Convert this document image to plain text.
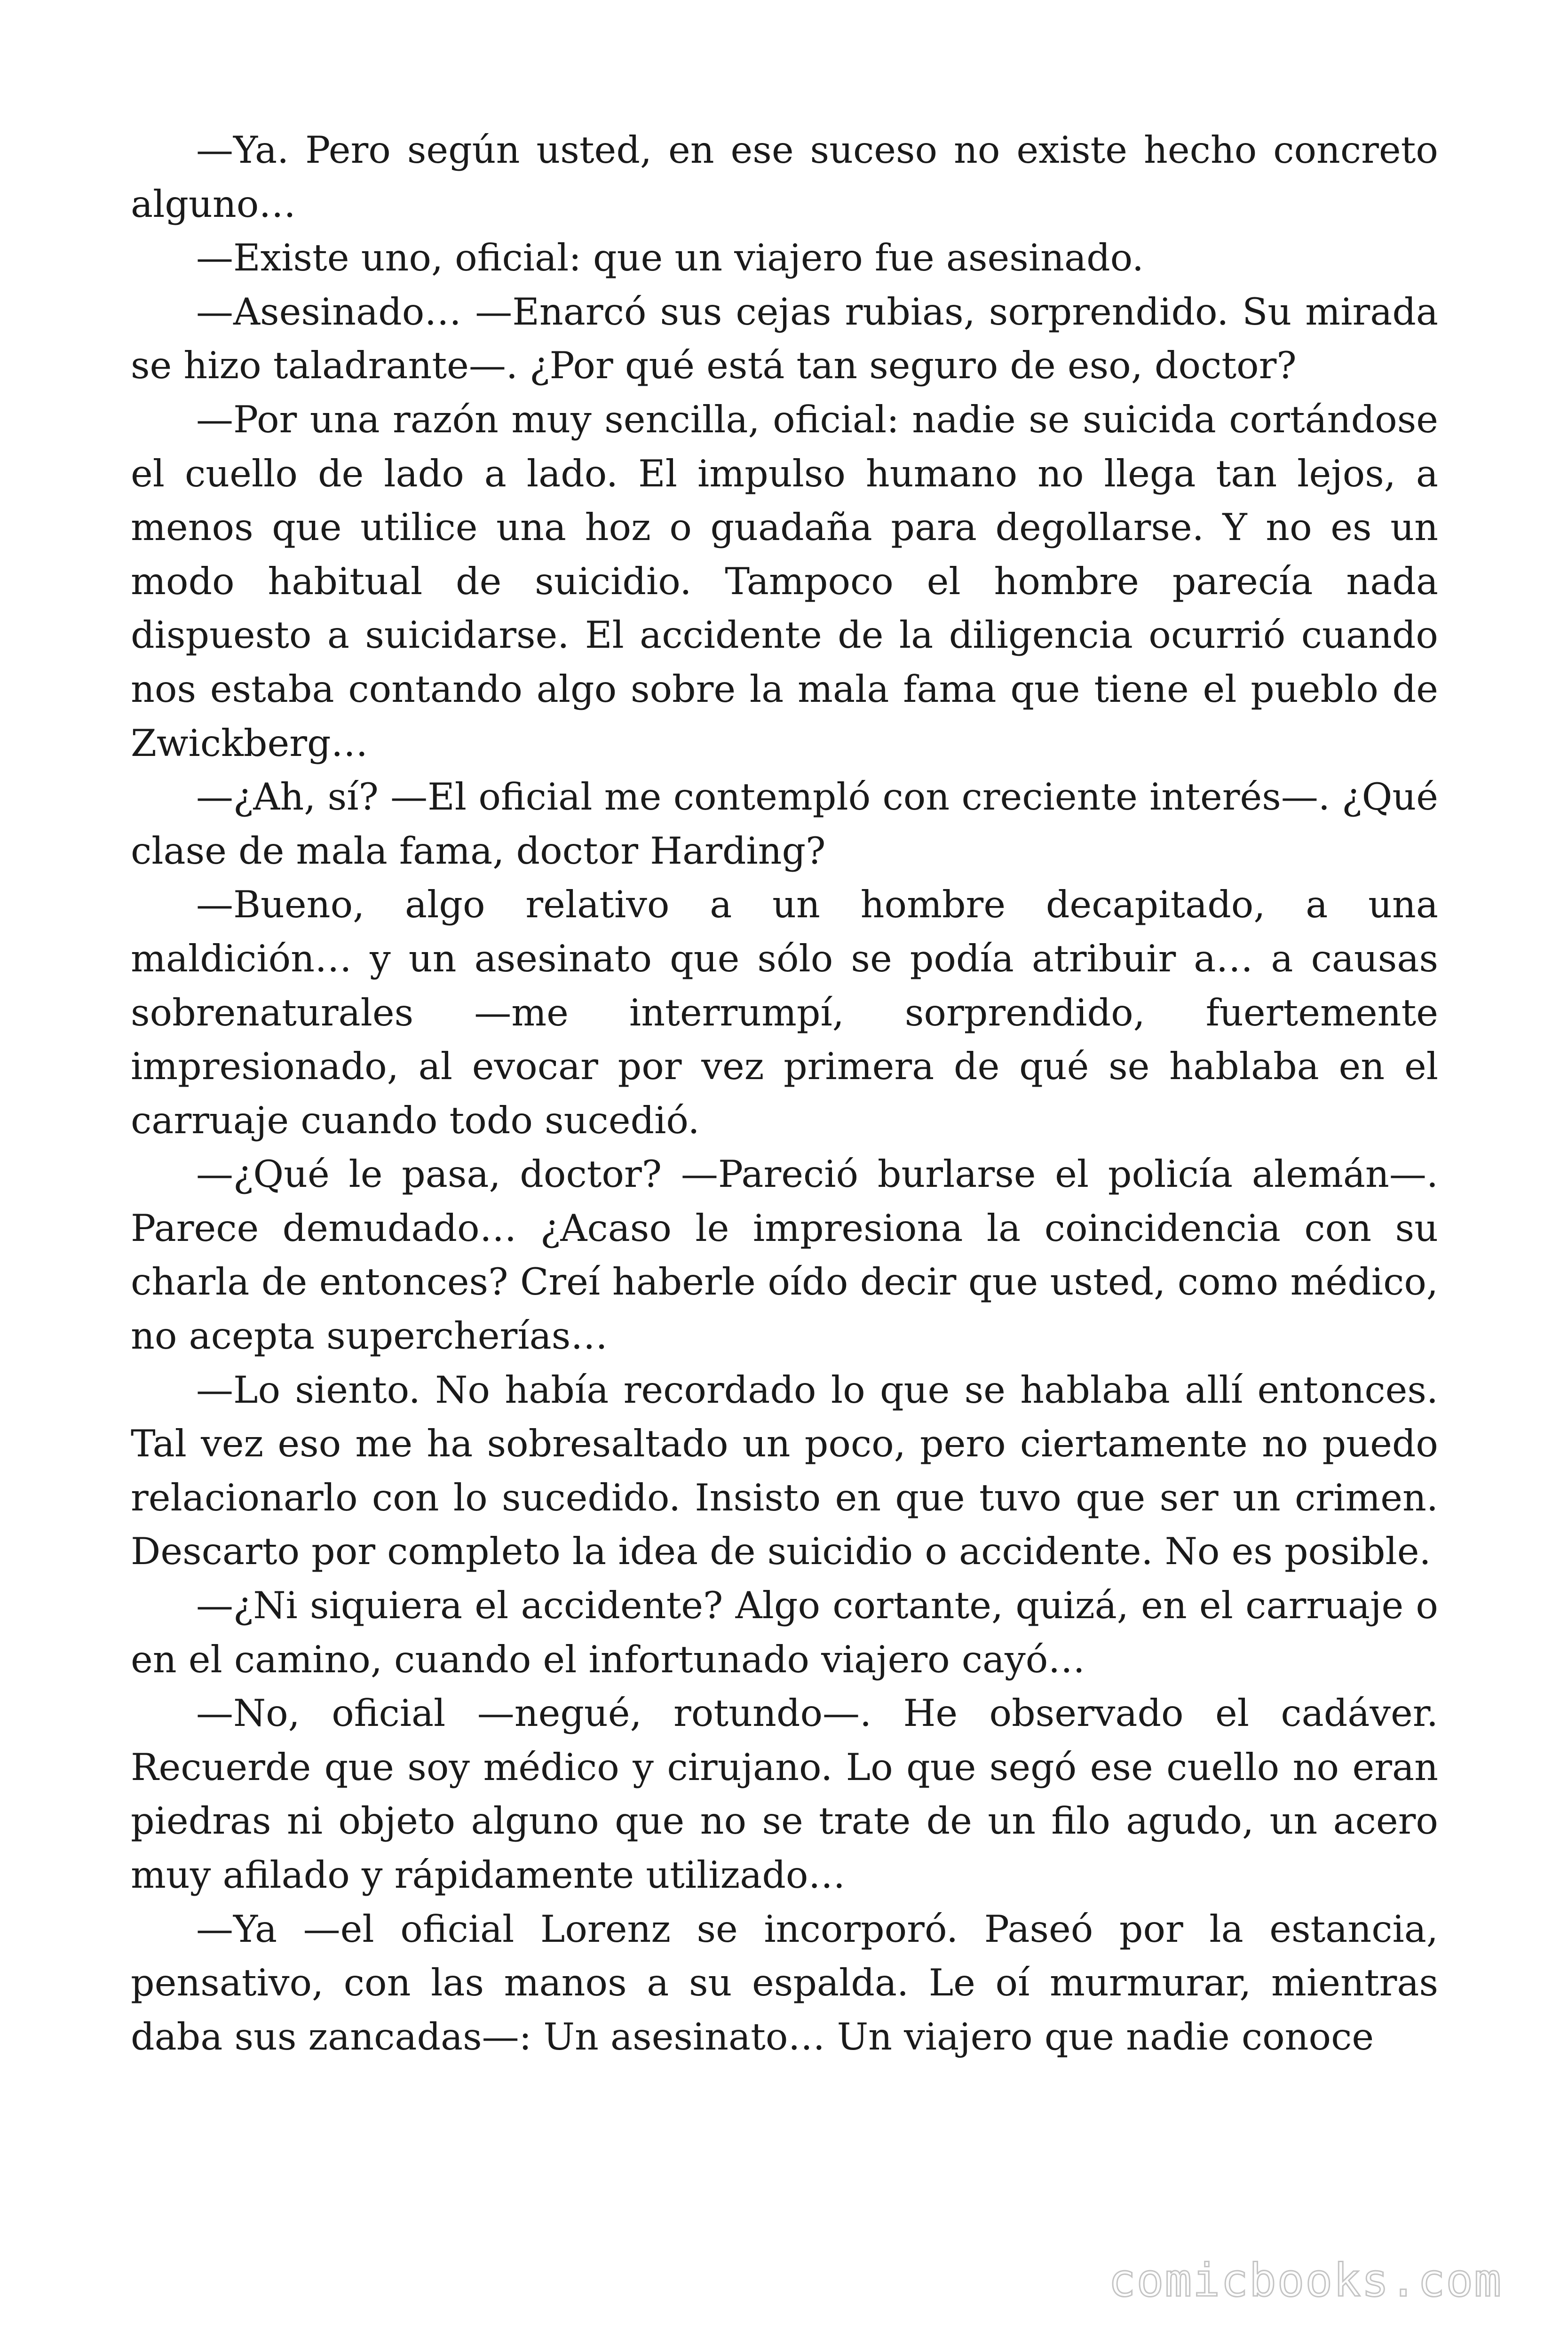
—Ya. Pero según usted, en ese suceso no existe hecho concreto alguno…

—Existe uno, oficial: que un viajero fue asesinado.

—Asesinado… —Enarcó sus cejas rubias, sorprendido. Su mirada se hizo taladrante—. ¿Por qué está tan seguro de eso, doctor?

—Por una razón muy sencilla, oficial: nadie se suicida cortándose el cuello de lado a lado. El impulso humano no llega tan lejos, a menos que utilice una hoz o guadaña para degollarse. Y no es un modo habitual de suicidio. Tampoco el hombre parecía nada dispuesto a suicidarse. El accidente de la diligencia ocurrió cuando nos estaba contando algo sobre la mala fama que tiene el pueblo de Zwickberg…

—¿Ah, sí? —El oficial me contempló con creciente interés—. ¿Qué clase de mala fama, doctor Harding?

—Bueno, algo relativo a un hombre decapitado, a una maldición… y un asesinato que sólo se podía atribuir a… a causas sobrenaturales —me interrumpí, sorprendido, fuertemente impresionado, al evocar por vez primera de qué se hablaba en el carruaje cuando todo sucedió.

—¿Qué le pasa, doctor? —Pareció burlarse el policía alemán—. Parece demudado… ¿Acaso le impresiona la coincidencia con su charla de entonces? Creí haberle oído decir que usted, como médico, no acepta supercherías…

—Lo siento. No había recordado lo que se hablaba allí entonces. Tal vez eso me ha sobresaltado un poco, pero ciertamente no puedo relacionarlo con lo sucedido. Insisto en que tuvo que ser un crimen. Descarto por completo la idea de suicidio o accidente. No es posible.

—¿Ni siquiera el accidente? Algo cortante, quizá, en el carruaje o en el camino, cuando el infortunado viajero cayó…

—No, oficial —negué, rotundo—. He observado el cadáver. Recuerde que soy médico y cirujano. Lo que segó ese cuello no eran piedras ni objeto alguno que no se trate de un filo agudo, un acero muy afilado y rápidamente utilizado…

—Ya —el oficial Lorenz se incorporó. Paseó por la estancia, pensativo, con las manos a su espalda. Le oí murmurar, mientras daba sus zancadas—: Un asesinato… Un viajero que nadie conoce

comicbooks.com
